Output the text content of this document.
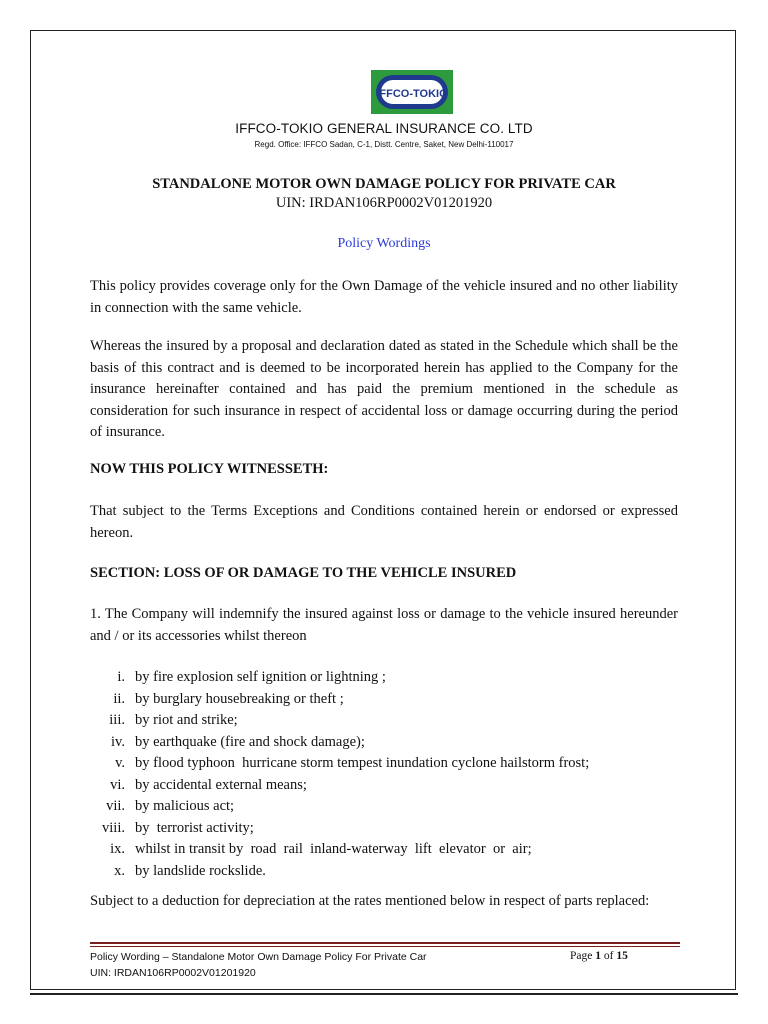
IFFCO-TOKIO
IFFCO-TOKIO GENERAL INSURANCE CO. LTD
Regd. Office: IFFCO Sadan, C-1, Distt. Centre, Saket, New Delhi-110017
STANDALONE MOTOR OWN DAMAGE POLICY FOR PRIVATE CAR
UIN: IRDAN106RP0002V01201920
Policy Wordings

This policy provides coverage only for the Own Damage of the vehicle insured and no other liability in connection with the same vehicle.

Whereas the insured by a proposal and declaration dated as stated in the Schedule which shall be the basis of this contract and is deemed to be incorporated herein has applied to the Company for the insurance hereinafter contained and has paid the premium mentioned in the schedule as consideration for such insurance in respect of accidental loss or damage occurring during the period of insurance.

NOW THIS POLICY WITNESSETH:

That subject to the Terms Exceptions and Conditions contained herein or endorsed or expressed hereon.

SECTION: LOSS OF OR DAMAGE TO THE VEHICLE INSURED

1. The Company will indemnify the insured against loss or damage to the vehicle insured hereunder and / or its accessories whilst thereon

i. by fire explosion self ignition or lightning ;
ii. by burglary housebreaking or theft ;
iii. by riot and strike;
iv. by earthquake (fire and shock damage);
v. by flood typhoon  hurricane storm tempest inundation cyclone hailstorm frost;
vi. by accidental external means;
vii. by malicious act;
viii. by  terrorist activity;
ix. whilst in transit by  road  rail  inland-waterway  lift  elevator  or  air;
x. by landslide rockslide.

Subject to a deduction for depreciation at the rates mentioned below in respect of parts replaced:

Policy Wording – Standalone Motor Own Damage Policy For Private Car
UIN: IRDAN106RP0002V01201920
Page 1 of 15
